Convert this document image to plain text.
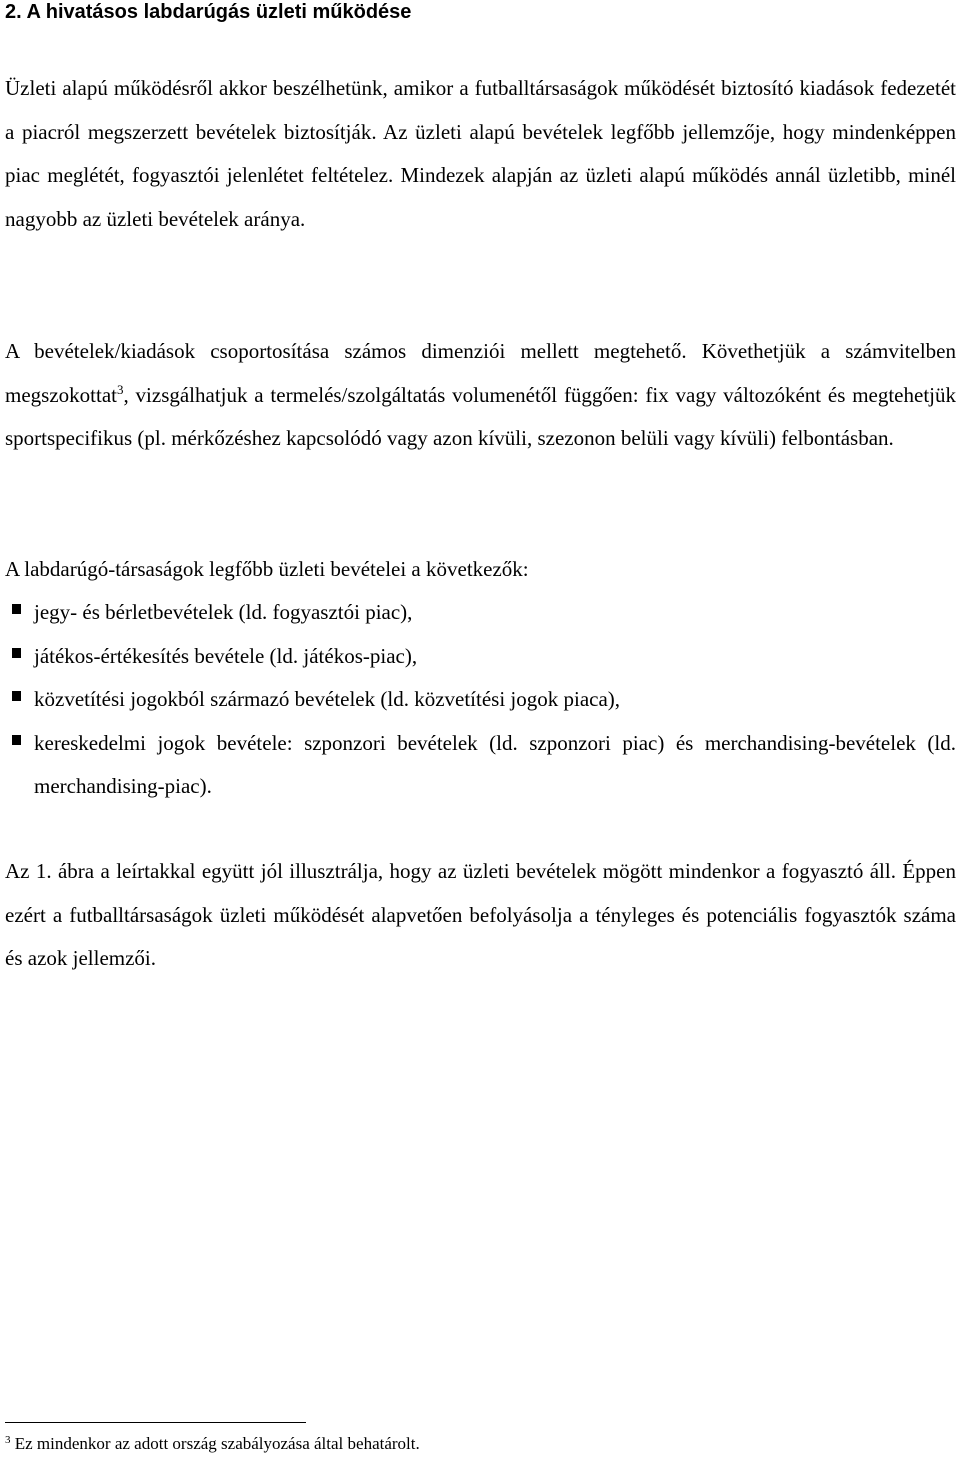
2. A hivatásos labdarúgás üzleti működése

Üzleti alapú működésről akkor beszélhetünk, amikor a futballtársaságok működését biztosító kiadások fedezetét a piacról megszerzett bevételek biztosítják. Az üzleti alapú bevételek legfőbb jellemzője, hogy mindenképpen piac meglétét, fogyasztói jelenlétet feltételez. Mindezek alapján az üzleti alapú működés annál üzletibb, minél nagyobb az üzleti bevételek aránya.

A bevételek/kiadások csoportosítása számos dimenziói mellett megtehető. Követhetjük a számvitelben megszokottat$^3$, vizsgálhatjuk a termelés/szolgáltatás volumenétől függően: fix vagy változóként és megtehetjük sportspecifikus (pl. mérkőzéshez kapcsolódó vagy azon kívüli, szezonon belüli vagy kívüli) felbontásban.

A labdarúgó-társaságok legfőbb üzleti bevételei a következők:

jegy- és bérletbevételek (ld. fogyasztói piac),
játékos-értékesítés bevétele (ld. játékos-piac),
közvetítési jogokból származó bevételek (ld. közvetítési jogok piaca),
kereskedelmi jogok bevétele: szponzori bevételek (ld. szponzori piac) és merchandising-bevételek (ld. merchandising-piac).

Az 1. ábra a leírtakkal együtt jól illusztrálja, hogy az üzleti bevételek mögött mindenkor a fogyasztó áll. Éppen ezért a futballtársaságok üzleti működését alapvetően befolyásolja a tényleges és potenciális fogyasztók száma és azok jellemzői.

$^3$ Ez mindenkor az adott ország szabályozása által behatárolt.
